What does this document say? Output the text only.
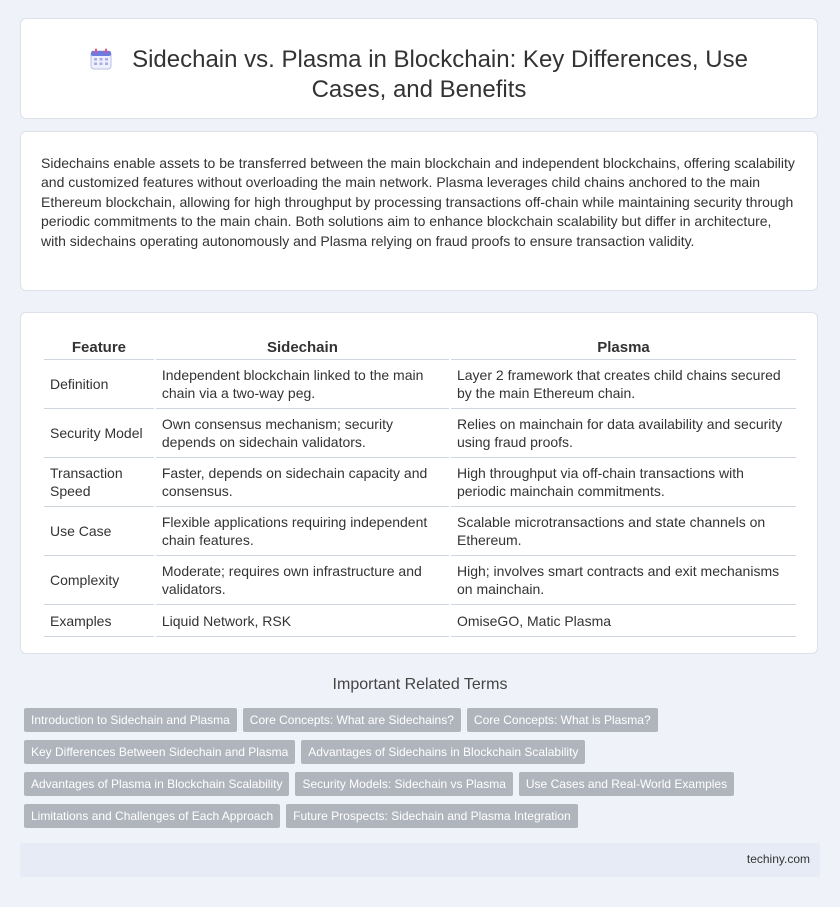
Sidechain vs. Plasma in Blockchain: Key Differences, Use Cases, and Benefits

Sidechains enable assets to be transferred between the main blockchain and independent blockchains, offering scalability and customized features without overloading the main network. Plasma leverages child chains anchored to the main Ethereum blockchain, allowing for high throughput by processing transactions off-chain while maintaining security through periodic commitments to the main chain. Both solutions aim to enhance blockchain scalability but differ in architecture, with sidechains operating autonomously and Plasma relying on fraud proofs to ensure transaction validity.

Feature	Sidechain	Plasma
Definition	Independent blockchain linked to the main chain via a two-way peg.	Layer 2 framework that creates child chains secured by the main Ethereum chain.
Security Model	Own consensus mechanism; security depends on sidechain validators.	Relies on mainchain for data availability and security using fraud proofs.
Transaction Speed	Faster, depends on sidechain capacity and consensus.	High throughput via off-chain transactions with periodic mainchain commitments.
Use Case	Flexible applications requiring independent chain features.	Scalable microtransactions and state channels on Ethereum.
Complexity	Moderate; requires own infrastructure and validators.	High; involves smart contracts and exit mechanisms on mainchain.
Examples	Liquid Network, RSK	OmiseGO, Matic Plasma
Important Related Terms
Introduction to Sidechain and Plasma Core Concepts: What are Sidechains? Core Concepts: What is Plasma?
Key Differences Between Sidechain and Plasma Advantages of Sidechains in Blockchain Scalability
Advantages of Plasma in Blockchain Scalability Security Models: Sidechain vs Plasma Use Cases and Real-World Examples
Limitations and Challenges of Each Approach Future Prospects: Sidechain and Plasma Integration
techiny.com
